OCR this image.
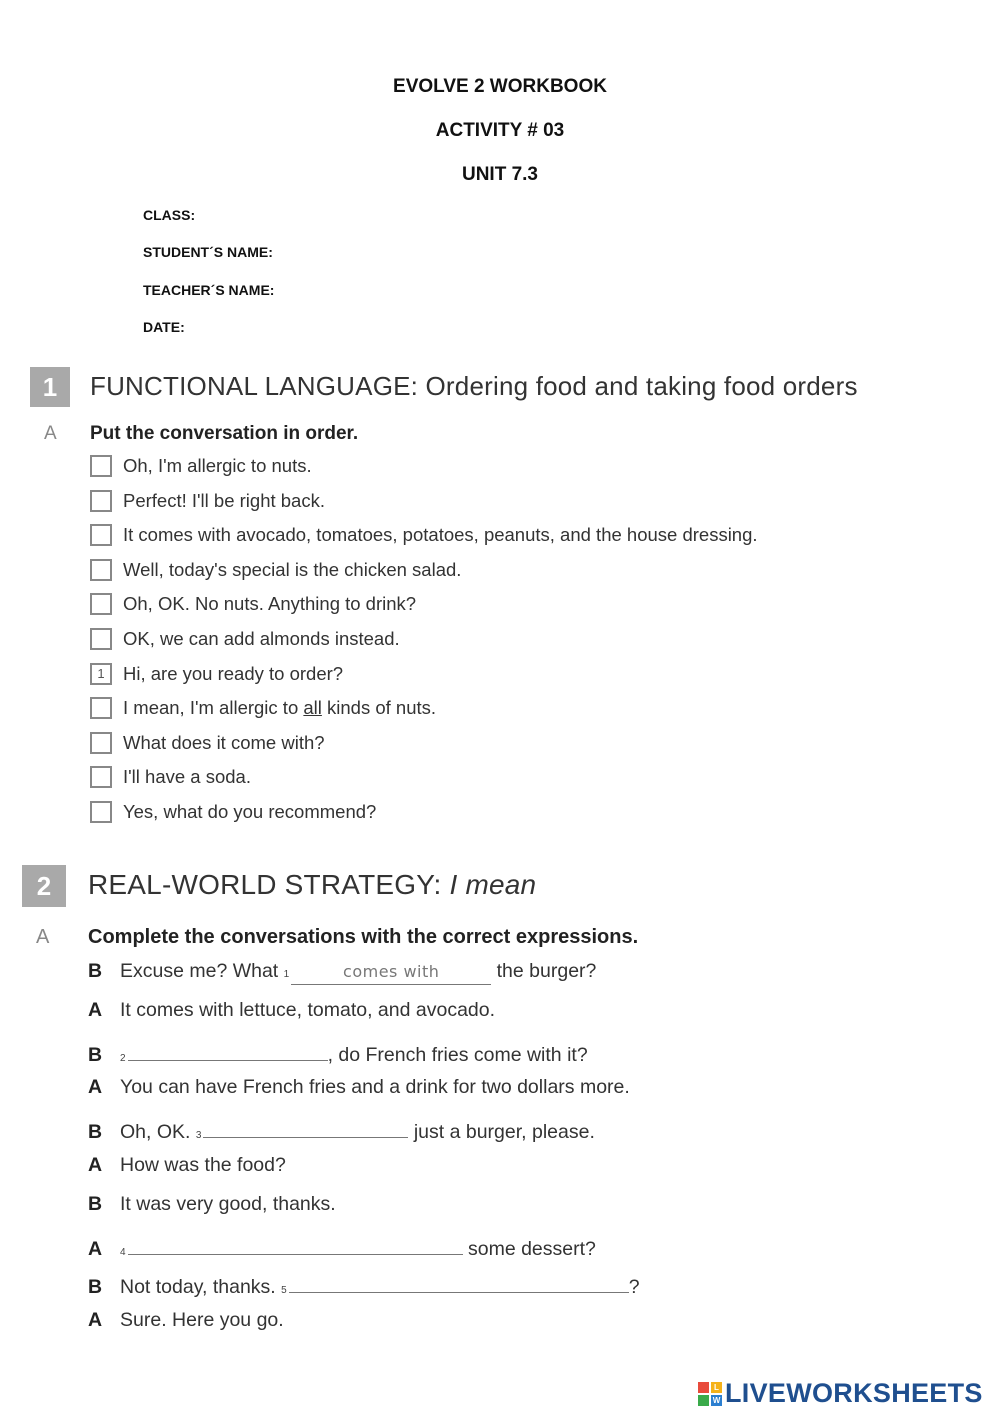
EVOLVE 2 WORKBOOK
ACTIVITY # 03
UNIT 7.3
CLASS:
STUDENT´S NAME:
TEACHER´S NAME:
DATE:
1	FUNCTIONAL LANGUAGE: Ordering food and taking food orders
A Put the conversation in order.
Oh, I'm allergic to nuts.
Perfect! I'll be right back.
It comes with avocado, tomatoes, potatoes, peanuts, and the house dressing.
Well, today's special is the chicken salad.
Oh, OK. No nuts. Anything to drink?
OK, we can add almonds instead.
1 Hi, are you ready to order?
I mean, I'm allergic to all kinds of nuts.
What does it come with?
I'll have a soda.
Yes, what do you recommend?
2	REAL-WORLD STRATEGY: I mean
A Complete the conversations with the correct expressions.
B Excuse me? What 1	comes with	the burger?
A It comes with lettuce, tomato, and avocado.
B	2	, do French fries come with it?
A You can have French fries and a drink for two dollars more.
B Oh, OK. 3	just a burger, please.
A How was the food?
B It was very good, thanks.
A	4	some dessert?
B Not today, thanks. 5	?
A Sure. Here you go.
L
W LIVEWORKSHEETS
